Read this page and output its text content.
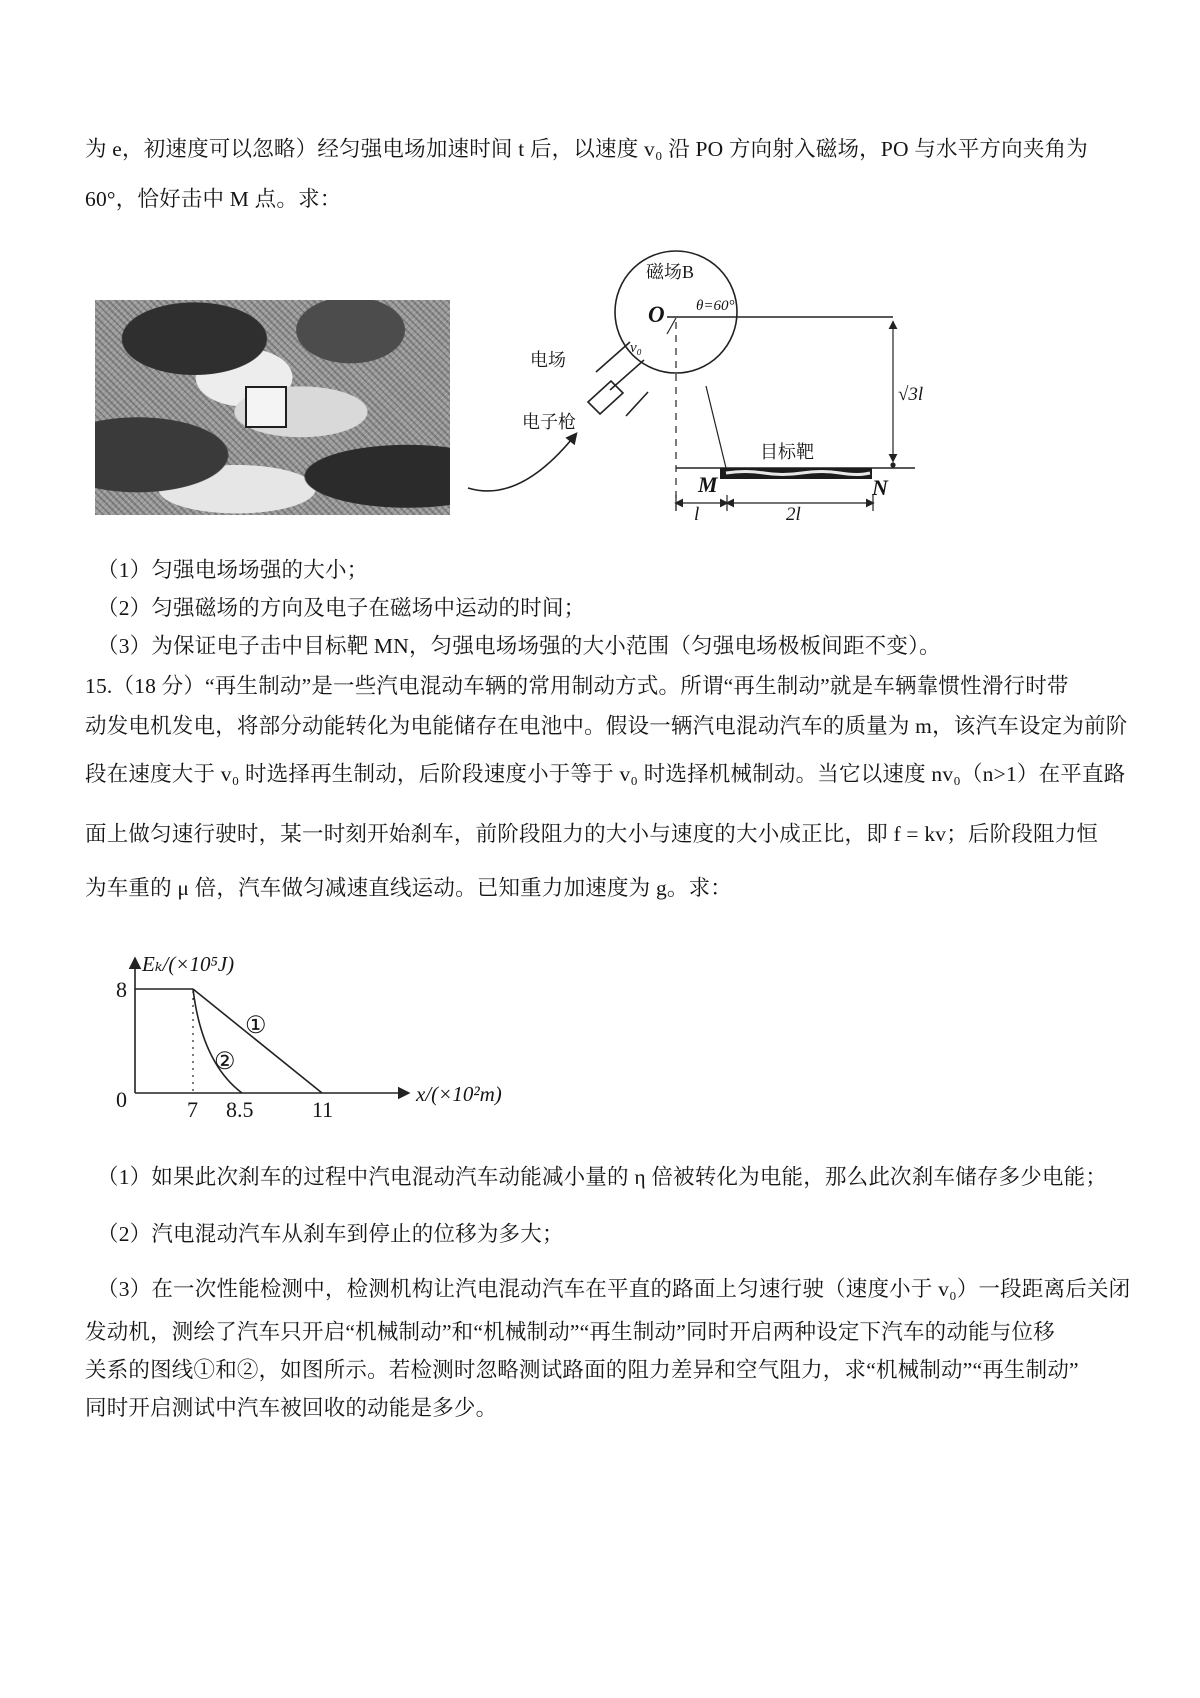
为 e，初速度可以忽略）经匀强电场加速时间 t 后，以速度 v₀ 沿 PO 方向射入磁场，PO 与水平方向夹角为
60°，恰好击中 M 点。求：
磁场B
O θ=60°
√3l
目标靶
M	N
l	2l
电场
v₀
电子枪
（1）匀强电场场强的大小；
（2）匀强磁场的方向及电子在磁场中运动的时间；
（3）为保证电子击中目标靶 MN，匀强电场场强的大小范围（匀强电场极板间距不变）。
15.（18 分）“再生制动”是一些汽电混动车辆的常用制动方式。所谓“再生制动”就是车辆靠惯性滑行时带
动发电机发电，将部分动能转化为电能储存在电池中。假设一辆汽电混动汽车的质量为 m，该汽车设定为前阶
段在速度大于 v₀ 时选择再生制动，后阶段速度小于等于 v₀ 时选择机械制动。当它以速度 nv₀（n>1）在平直路
面上做匀速行驶时，某一时刻开始刹车，前阶段阻力的大小与速度的大小成正比，即 f = kv；后阶段阻力恒
为车重的 μ 倍，汽车做匀减速直线运动。已知重力加速度为 g。求：
Eₖ/(×10⁵J)
x/(×10²m)
8
0	7 8.5	11
①
②
（1）如果此次刹车的过程中汽电混动汽车动能减小量的 η 倍被转化为电能，那么此次刹车储存多少电能；
（2）汽电混动汽车从刹车到停止的位移为多大；
（3）在一次性能检测中，检测机构让汽电混动汽车在平直的路面上匀速行驶（速度小于 v₀）一段距离后关闭
发动机，测绘了汽车只开启“机械制动”和“机械制动”“再生制动”同时开启两种设定下汽车的动能与位移
关系的图线①和②，如图所示。若检测时忽略测试路面的阻力差异和空气阻力，求“机械制动”“再生制动”
同时开启测试中汽车被回收的动能是多少。
